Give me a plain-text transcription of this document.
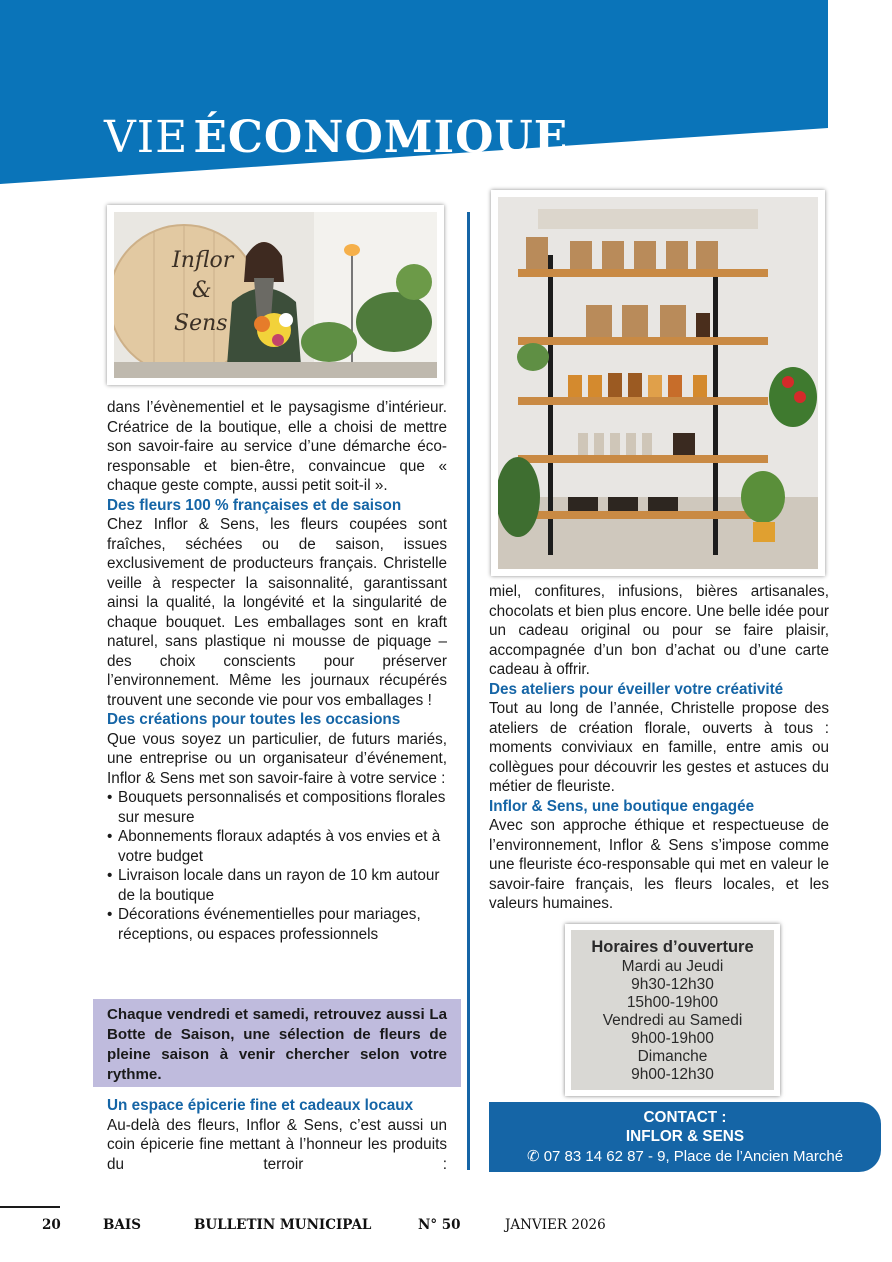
VIE ÉCONOMIQUE
Inflor
&
Sens

dans l’évènementiel et le paysagisme d’intérieur. Créatrice de la boutique, elle a choisi de mettre son savoir-faire au service d’une démarche éco-responsable et bien-être, convaincue que « chaque geste compte, aussi petit soit-il ».

Des fleurs 100 % françaises et de saison

Chez Inflor & Sens, les fleurs coupées sont fraîches, séchées ou de saison, issues exclusivement de producteurs français. Christelle veille à respecter la saisonnalité, garantissant ainsi la qualité, la longévité et la singularité de chaque bouquet. Les emballages sont en kraft naturel, sans plastique ni mousse de piquage – des choix conscients pour préserver l’environnement. Même les journaux récupérés trouvent une seconde vie pour vos emballages !

Des créations pour toutes les occasions

Que vous soyez un particulier, de futurs mariés, une entreprise ou un organisateur d’événement, Inflor & Sens met son savoir-faire à votre service :

• Bouquets personnalisés et compositions florales sur mesure
• Abonnements floraux adaptés à vos envies et à votre budget
• Livraison locale dans un rayon de 10 km autour de la boutique
• Décorations événementielles pour mariages, réceptions, ou espaces professionnels
Chaque vendredi et samedi, retrouvez aussi La Botte de Saison, une sélection de fleurs de pleine saison à venir chercher selon votre rythme.
Un espace épicerie fine et cadeaux locaux

Au-delà des fleurs, Inflor & Sens, c’est aussi un coin épicerie fine mettant à l’honneur les produits du terroir :

miel, confitures, infusions, bières artisanales, chocolats et bien plus encore. Une belle idée pour un cadeau original ou pour se faire plaisir, accompagnée d’un bon d’achat ou d’une carte cadeau à offrir.

Des ateliers pour éveiller votre créativité

Tout au long de l’année, Christelle propose des ateliers de création florale, ouverts à tous : moments conviviaux en famille, entre amis ou collègues pour découvrir les gestes et astuces du métier de fleuriste.

Inflor & Sens, une boutique engagée

Avec son approche éthique et respectueuse de l’environnement, Inflor & Sens s’impose comme une fleuriste éco-responsable qui met en valeur le savoir-faire français, les fleurs locales, et les valeurs humaines.

Horaires d’ouverture
Mardi au Jeudi
9h30-12h30
15h00-19h00
Vendredi au Samedi
9h00-19h00
Dimanche
9h00-12h30
CONTACT :
INFLOR & SENS
✆ 07 83 14 62 87 - 9, Place de l’Ancien Marché
20	BAIS	BULLETIN MUNICIPAL	N° 50	JANVIER 2026
